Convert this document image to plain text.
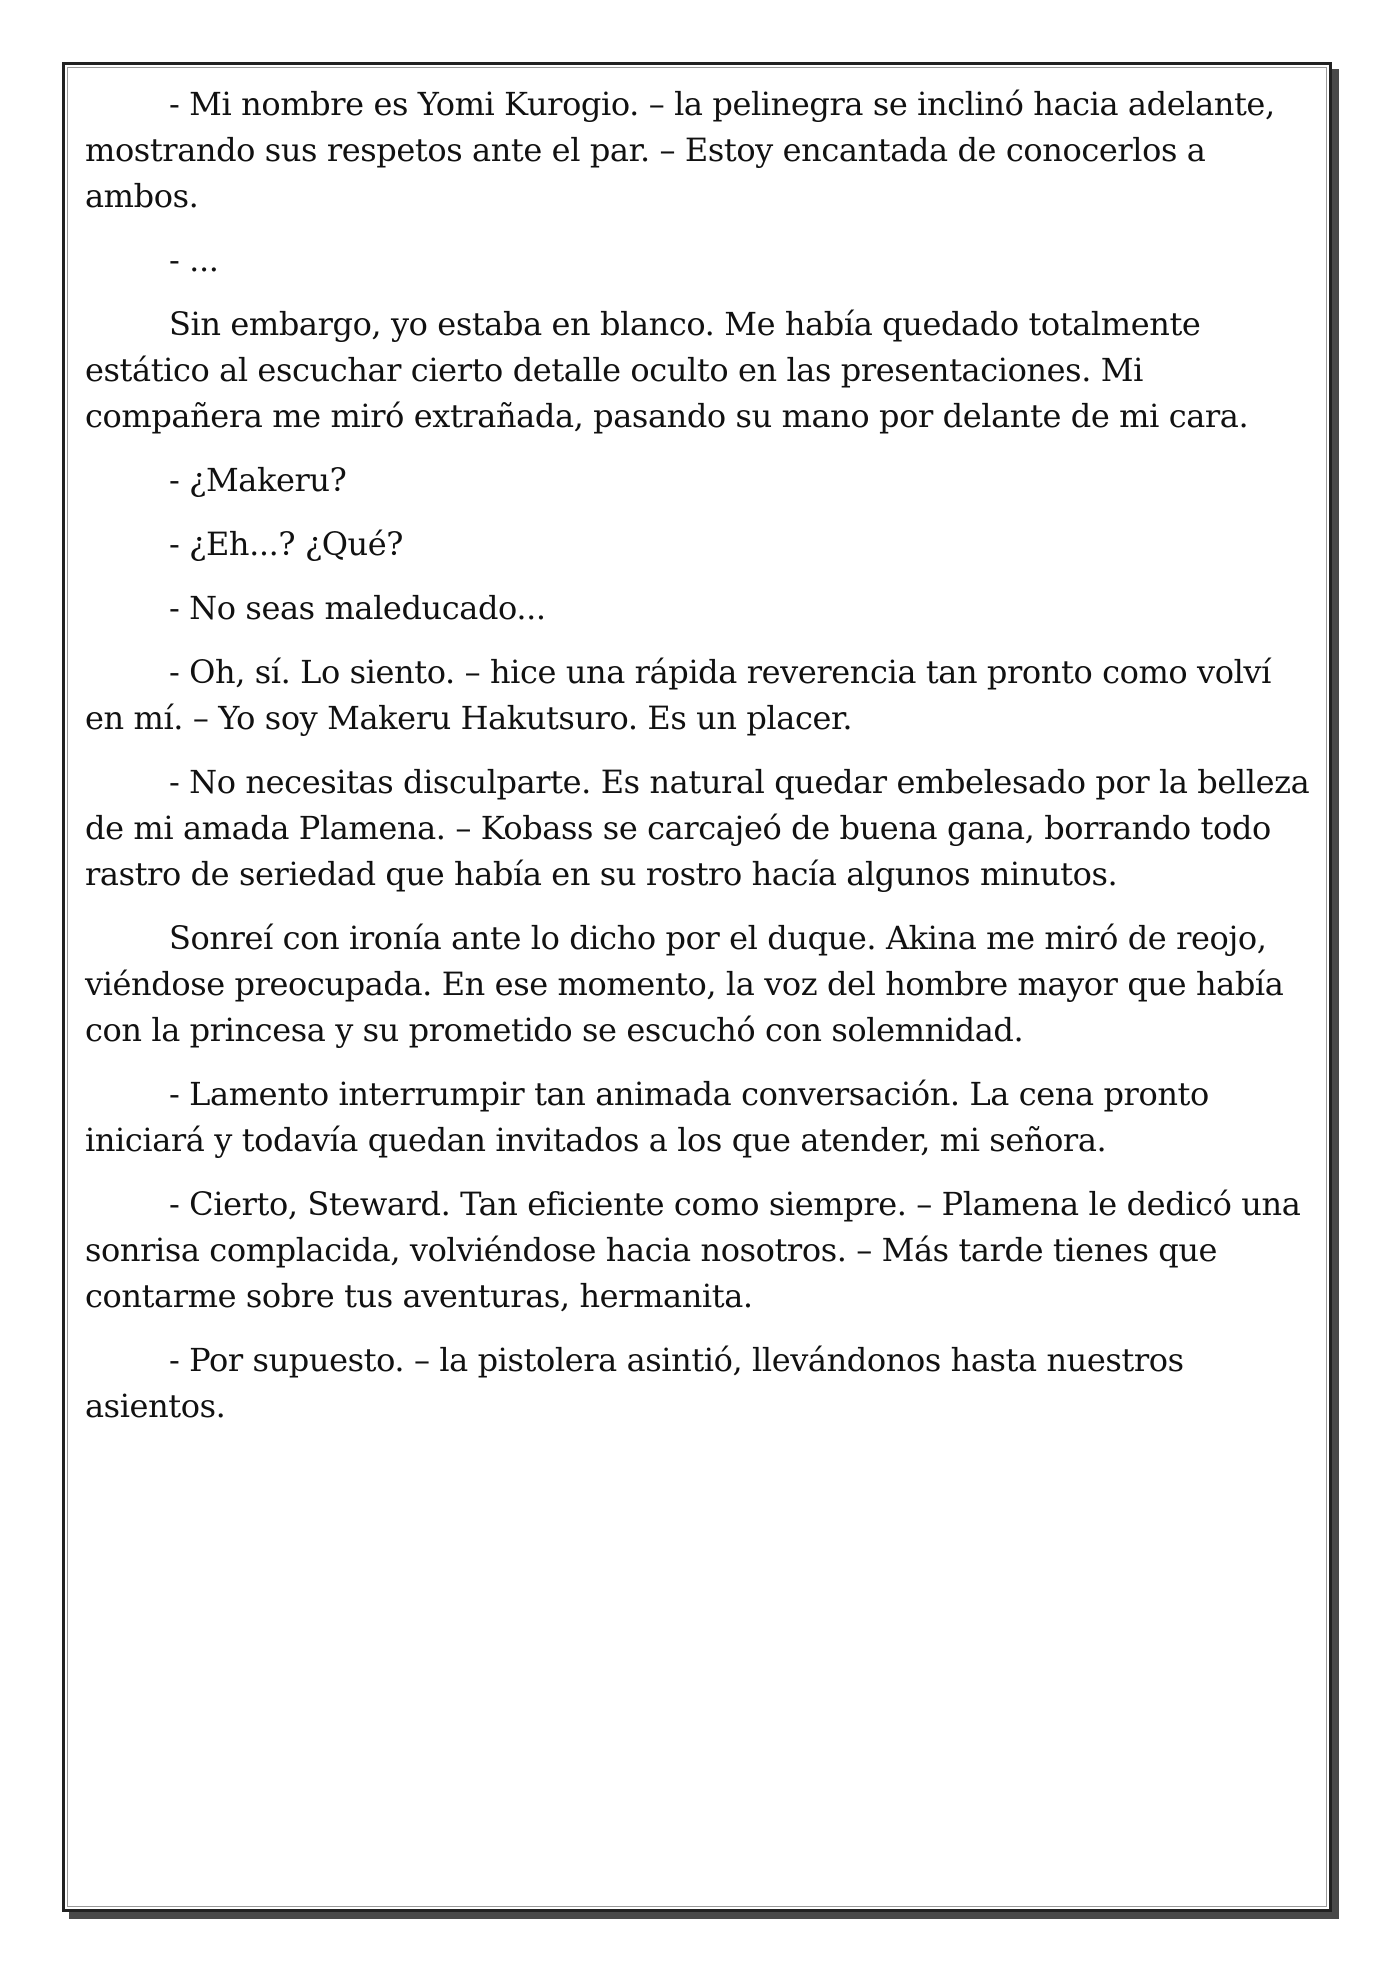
- Mi nombre es Yomi Kurogio. – la pelinegra se inclinó hacia adelante, mostrando sus respetos ante el par. – Estoy encantada de conocerlos a ambos.

- ...

Sin embargo, yo estaba en blanco. Me había quedado totalmente estático al escuchar cierto detalle oculto en las presentaciones. Mi compañera me miró extrañada, pasando su mano por delante de mi cara.

- ¿Makeru?

- ¿Eh...? ¿Qué?

- No seas maleducado...

- Oh, sí. Lo siento. – hice una rápida reverencia tan pronto como volví en mí. – Yo soy Makeru Hakutsuro. Es un placer.

- No necesitas disculparte. Es natural quedar embelesado por la belleza de mi amada Plamena. – Kobass se carcajeó de buena gana, borrando todo rastro de seriedad que había en su rostro hacía algunos minutos.

Sonreí con ironía ante lo dicho por el duque. Akina me miró de reojo, viéndose preocupada. En ese momento, la voz del hombre mayor que había con la princesa y su prometido se escuchó con solemnidad.

- Lamento interrumpir tan animada conversación. La cena pronto iniciará y todavía quedan invitados a los que atender, mi señora.

- Cierto, Steward. Tan eficiente como siempre. – Plamena le dedicó una sonrisa complacida, volviéndose hacia nosotros. – Más tarde tienes que contarme sobre tus aventuras, hermanita.

- Por supuesto. – la pistolera asintió, llevándonos hasta nuestros asientos.
